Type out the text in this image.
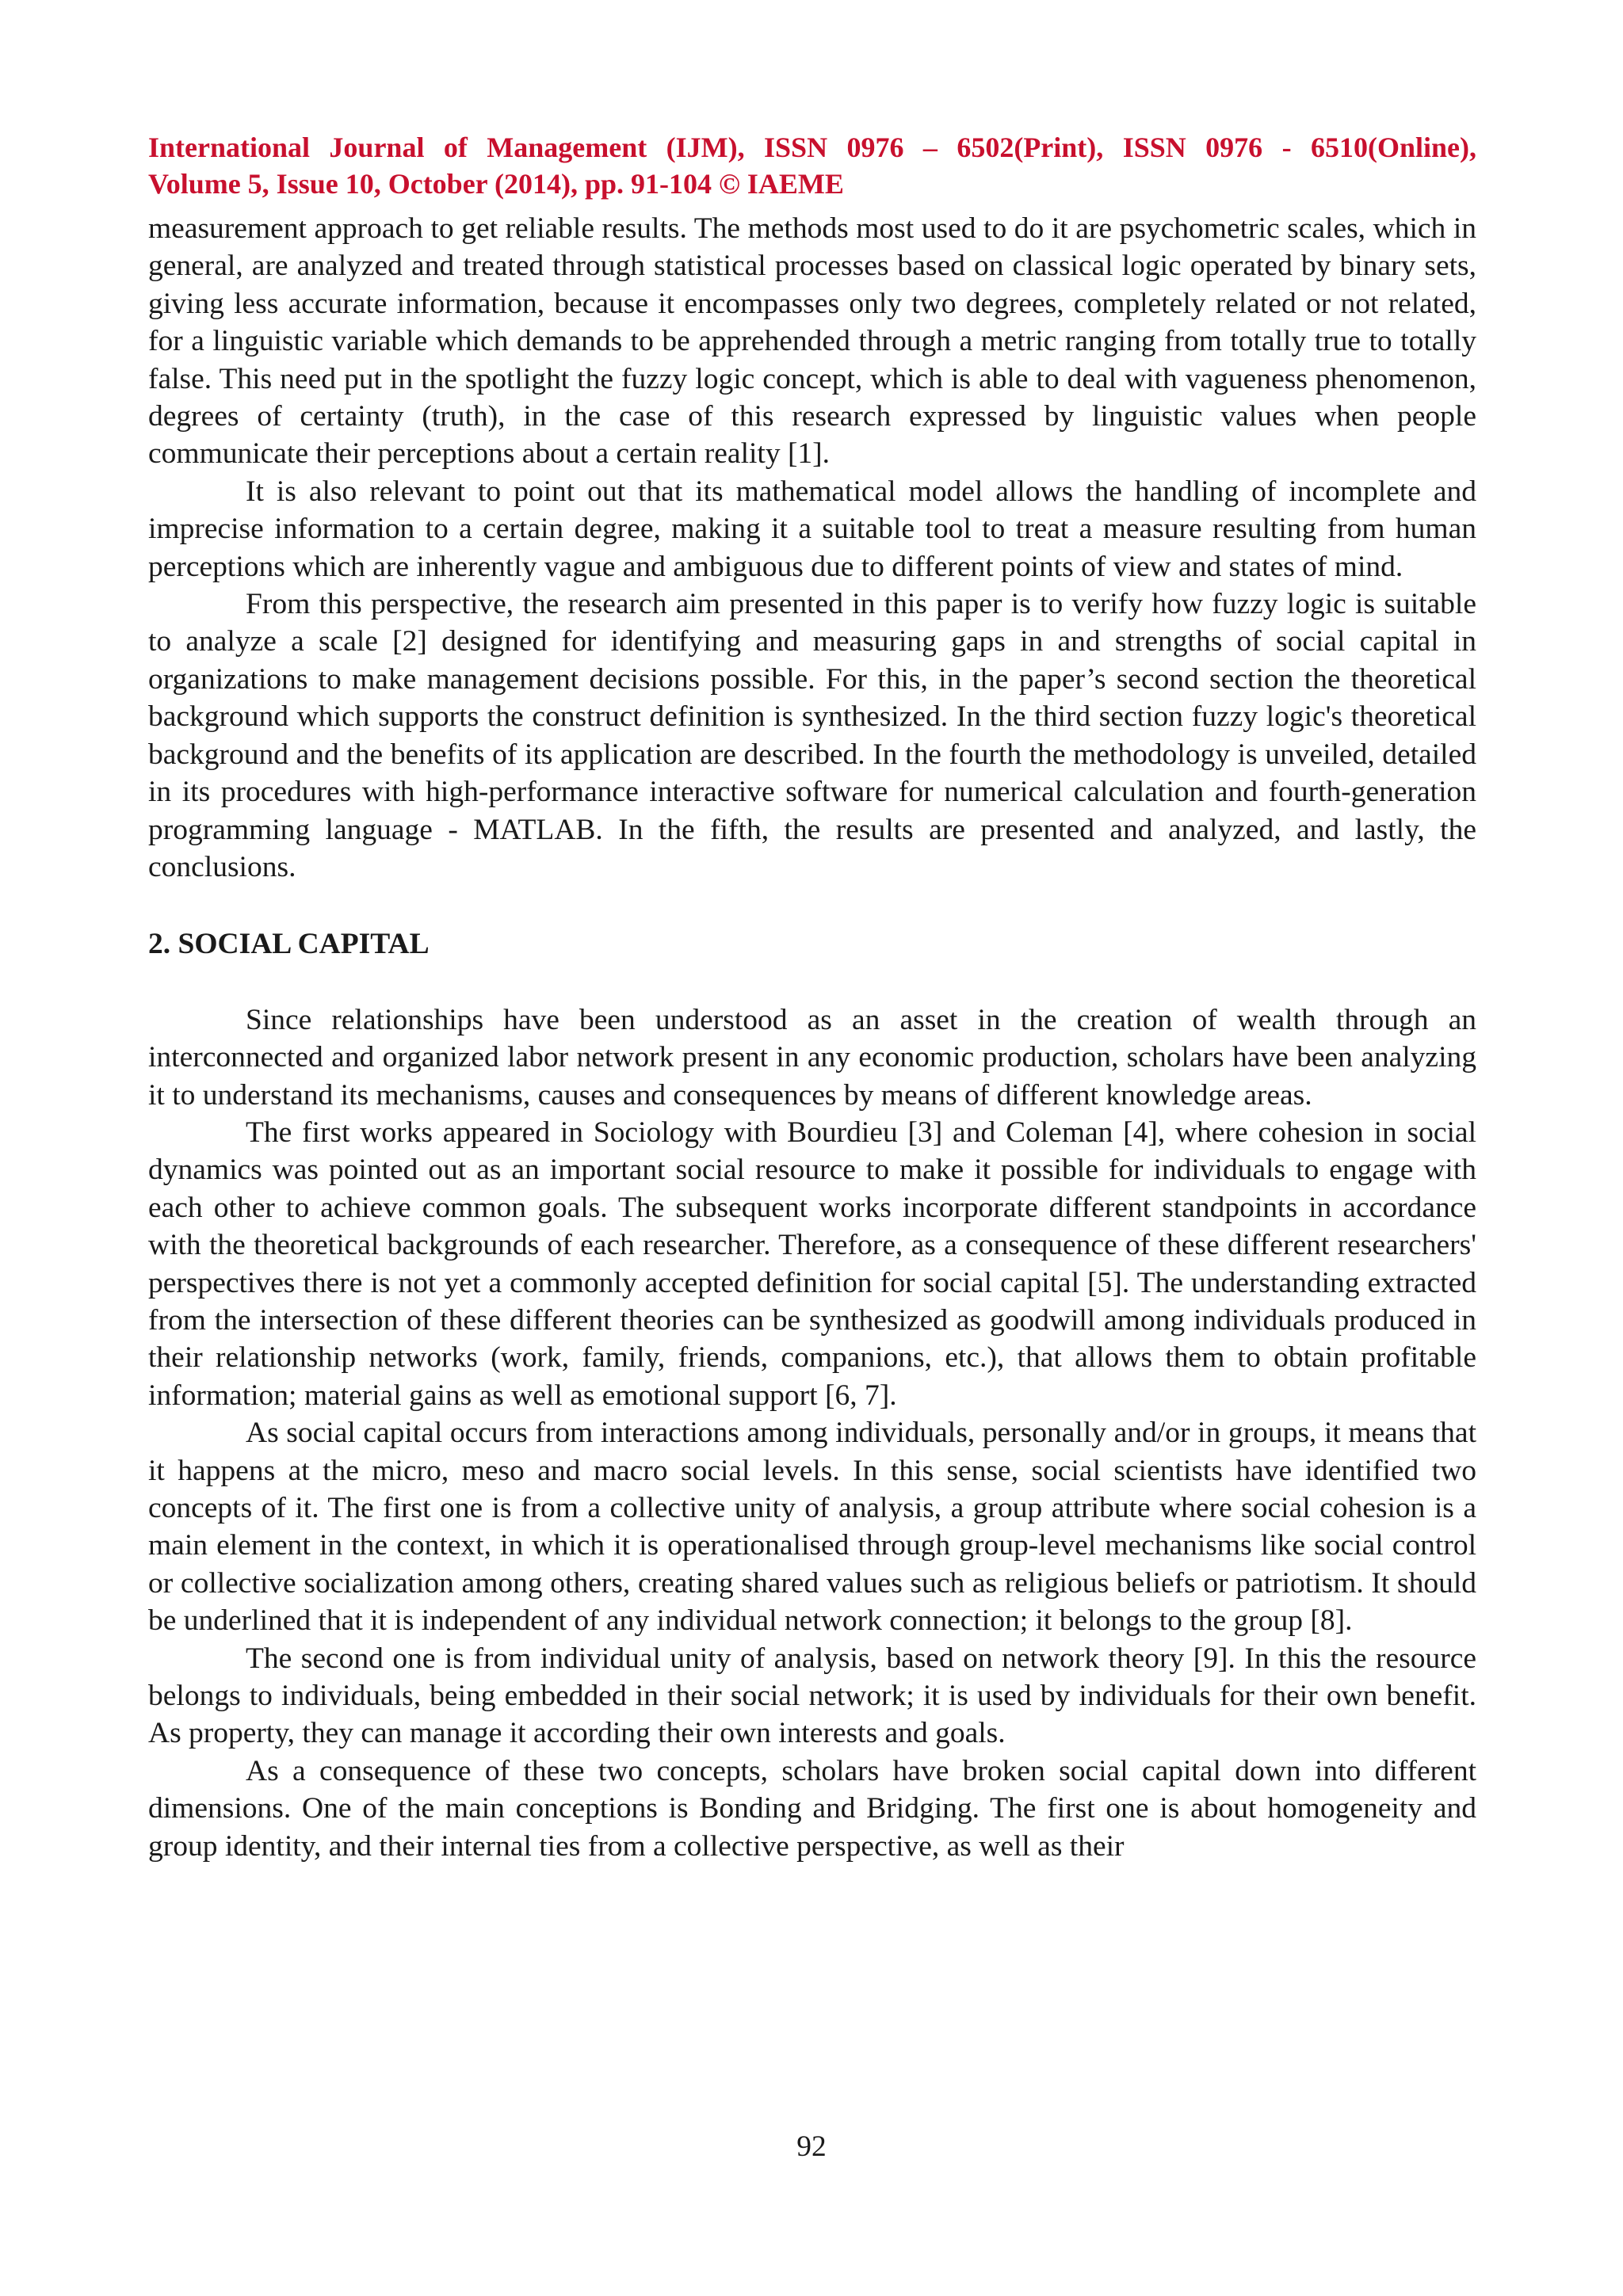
International Journal of Management (IJM), ISSN 0976 – 6502(Print), ISSN 0976 - 6510(Online),
Volume 5, Issue 10, October (2014), pp. 91-104 © IAEME

measurement approach to get reliable results. The methods most used to do it are psychometric scales, which in general, are analyzed and treated through statistical processes based on classical logic operated by binary sets, giving less accurate information, because it encompasses only two degrees, completely related or not related, for a linguistic variable which demands to be apprehended through a metric ranging from totally true to totally false. This need put in the spotlight the fuzzy logic concept, which is able to deal with vagueness phenomenon, degrees of certainty (truth), in the case of this research expressed by linguistic values when people communicate their perceptions about a certain reality [1].

It is also relevant to point out that its mathematical model allows the handling of incomplete and imprecise information to a certain degree, making it a suitable tool to treat a measure resulting from human perceptions which are inherently vague and ambiguous due to different points of view and states of mind.

From this perspective, the research aim presented in this paper is to verify how fuzzy logic is suitable to analyze a scale [2] designed for identifying and measuring gaps in and strengths of social capital in organizations to make management decisions possible. For this, in the paper’s second section the theoretical background which supports the construct definition is synthesized. In the third section fuzzy logic's theoretical background and the benefits of its application are described. In the fourth the methodology is unveiled, detailed in its procedures with high-performance interactive software for numerical calculation and fourth-generation programming language - MATLAB. In the fifth, the results are presented and analyzed, and lastly, the conclusions.

2. SOCIAL CAPITAL

Since relationships have been understood as an asset in the creation of wealth through an interconnected and organized labor network present in any economic production, scholars have been analyzing it to understand its mechanisms, causes and consequences by means of different knowledge areas.

The first works appeared in Sociology with Bourdieu [3] and Coleman [4], where cohesion in social dynamics was pointed out as an important social resource to make it possible for individuals to engage with each other to achieve common goals. The subsequent works incorporate different standpoints in accordance with the theoretical backgrounds of each researcher. Therefore, as a consequence of these different researchers' perspectives there is not yet a commonly accepted definition for social capital [5]. The understanding extracted from the intersection of these different theories can be synthesized as goodwill among individuals produced in their relationship networks (work, family, friends, companions, etc.), that allows them to obtain profitable information; material gains as well as emotional support [6, 7].

As social capital occurs from interactions among individuals, personally and/or in groups, it means that it happens at the micro, meso and macro social levels. In this sense, social scientists have identified two concepts of it. The first one is from a collective unity of analysis, a group attribute where social cohesion is a main element in the context, in which it is operationalised through group-level mechanisms like social control or collective socialization among others, creating shared values such as religious beliefs or patriotism. It should be underlined that it is independent of any individual network connection; it belongs to the group [8].

The second one is from individual unity of analysis, based on network theory [9]. In this the resource belongs to individuals, being embedded in their social network; it is used by individuals for their own benefit. As property, they can manage it according their own interests and goals.

As a consequence of these two concepts, scholars have broken social capital down into different dimensions. One of the main conceptions is Bonding and Bridging. The first one is about homogeneity and group identity, and their internal ties from a collective perspective, as well as their

92
